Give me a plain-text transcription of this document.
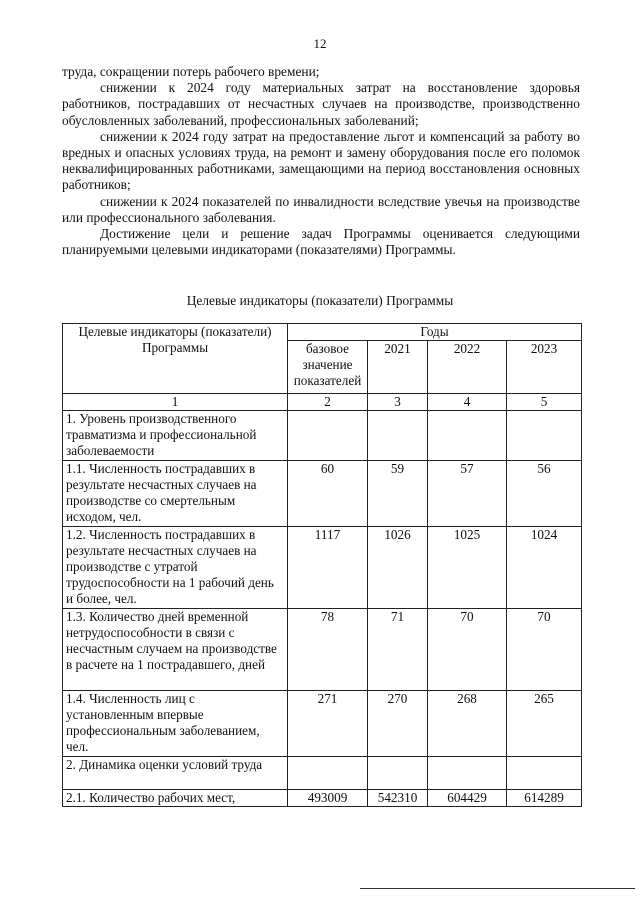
12

труда, сокращении потерь рабочего времени;

снижении к 2024 году материальных затрат на восстановление здоровья работников, пострадавших от несчастных случаев на производстве, производственно обусловленных заболеваний, профессиональных заболеваний;

снижении к 2024 году затрат на предоставление льгот и компенсаций за работу во вредных и опасных условиях труда, на ремонт и замену оборудования после его поломок неквалифицированных работниками, замещающими на период восстановления основных работников;

снижении к 2024 показателей по инвалидности вследствие увечья на производстве или профессионального заболевания.

Достижение цели и решение задач Программы оценивается следующими планируемыми целевыми индикаторами (показателями) Программы.

Целевые индикаторы (показатели) Программы
Целевые индикаторы (показатели) Программы	Годы			
	базовое значение показателей	2021	2022	2023
1	2	3	4	5
1. Уровень производственного травматизма и профессиональной заболеваемости				
1.1. Численность пострадавших в результате несчастных случаев на производстве со смертельным исходом, чел.	60	59	57	56
1.2. Численность пострадавших в результате несчастных случаев на производстве с утратой трудоспособности на 1 рабочий день и более, чел.	1117	1026	1025	1024
1.3. Количество дней временной нетрудоспособности в связи с несчастным случаем на производстве в расчете на 1 пострадавшего, дней	78	71	70	70
1.4. Численность лиц с установленным впервые профессиональным заболеванием, чел.	271	270	268	265
2. Динамика оценки условий труда				
2.1. Количество рабочих мест,	493009	542310	604429	614289
